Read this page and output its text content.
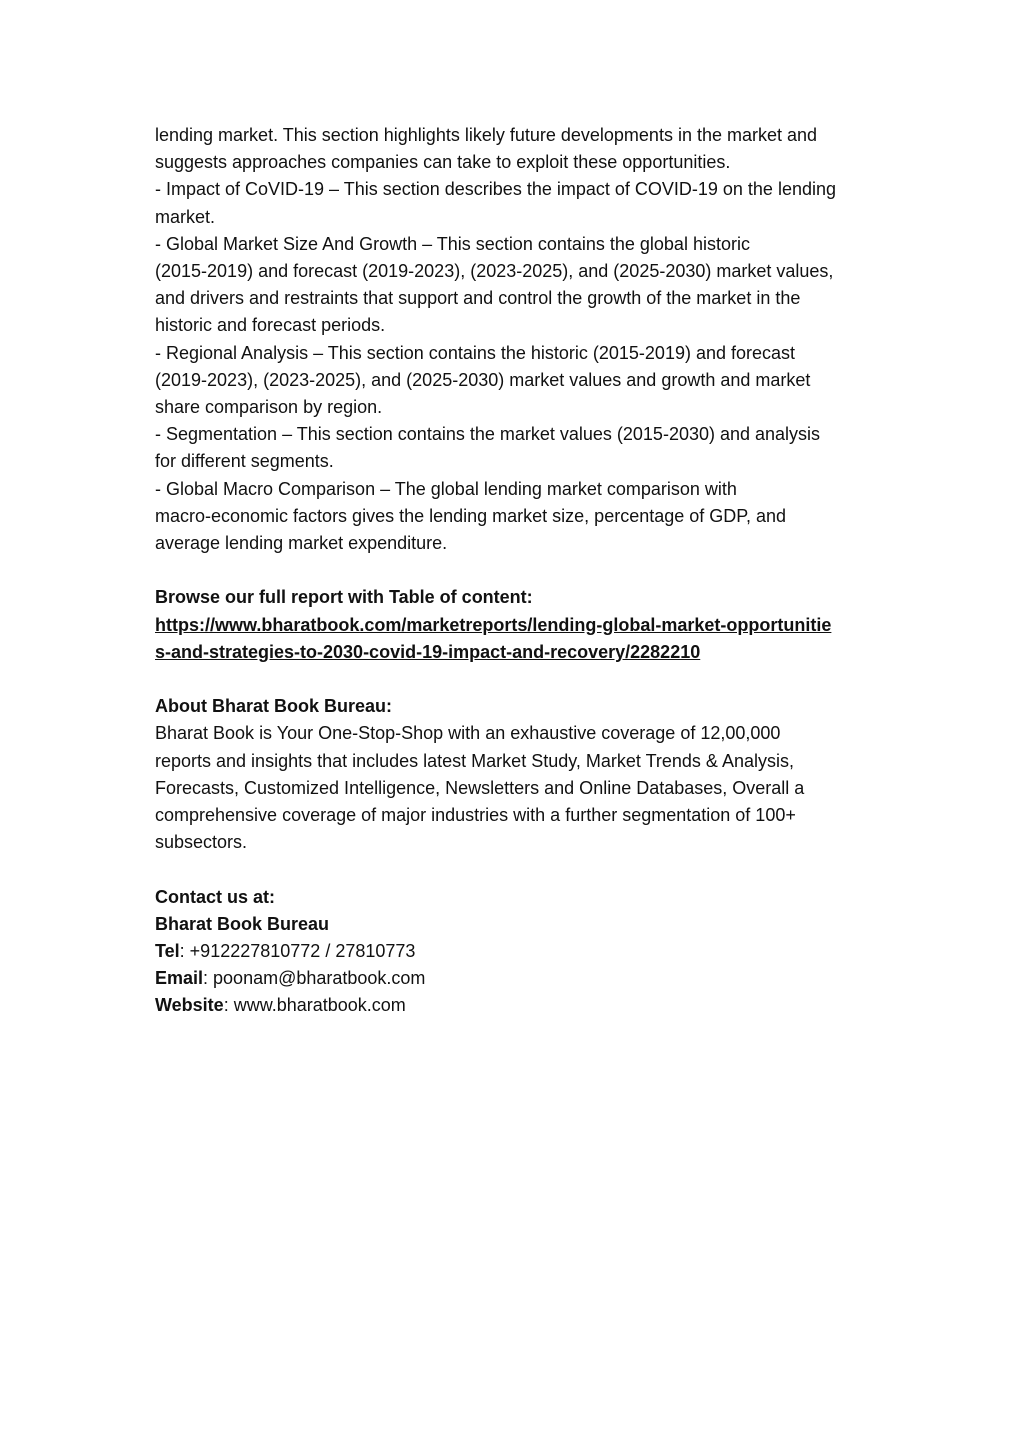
lending market. This section highlights likely future developments in the market and
suggests approaches companies can take to exploit these opportunities.
- Impact of CoVID-19 – This section describes the impact of COVID-19 on the lending
market.
- Global Market Size And Growth – This section contains the global historic
(2015-2019) and forecast (2019-2023), (2023-2025), and (2025-2030) market values,
and drivers and restraints that support and control the growth of the market in the
historic and forecast periods.
- Regional Analysis – This section contains the historic (2015-2019) and forecast
(2019-2023), (2023-2025), and (2025-2030) market values and growth and market
share comparison by region.
- Segmentation – This section contains the market values (2015-2030) and analysis
for different segments.
- Global Macro Comparison – The global lending market comparison with
macro-economic factors gives the lending market size, percentage of GDP, and
average lending market expenditure.
Browse our full report with Table of content:
https://www.bharatbook.com/marketreports/lending-global-market-opportunitie
s-and-strategies-to-2030-covid-19-impact-and-recovery/2282210
About Bharat Book Bureau:
Bharat Book is Your One-Stop-Shop with an exhaustive coverage of 12,00,000
reports and insights that includes latest Market Study, Market Trends & Analysis,
Forecasts, Customized Intelligence, Newsletters and Online Databases, Overall a
comprehensive coverage of major industries with a further segmentation of 100+
subsectors.
Contact us at:
Bharat Book Bureau
Tel: +912227810772 / 27810773
Email: poonam@bharatbook.com
Website: www.bharatbook.com
